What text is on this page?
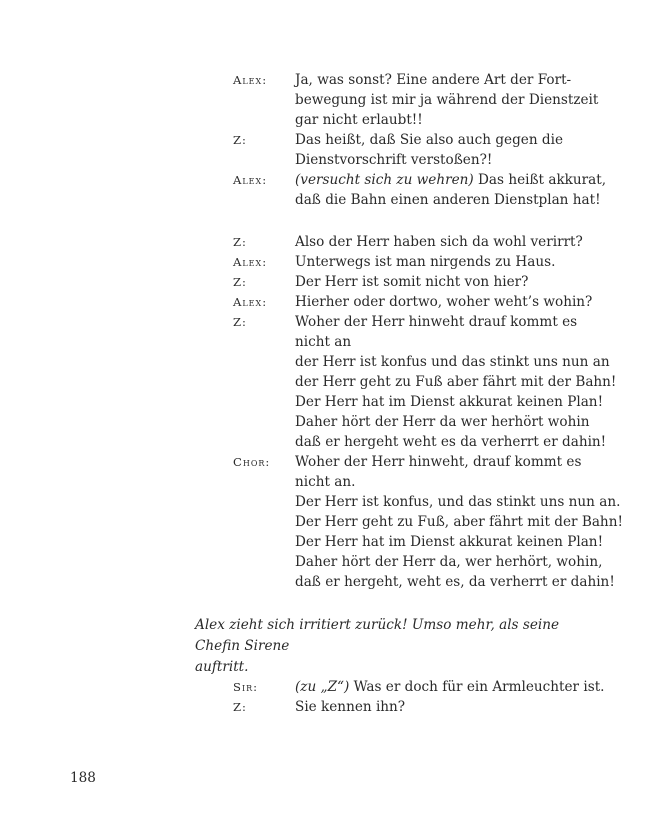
Alex: Ja, was sonst? Eine andere Art der Fort-
bewegung ist mir ja während der Dienstzeit
gar nicht erlaubt!!
Z:	Das heißt, daß Sie also auch gegen die
Dienstvorschrift verstoßen?!
Alex: (versucht sich zu wehren) Das heißt akkurat,
daß die Bahn einen anderen Dienstplan hat!
Z:	Also der Herr haben sich da wohl verirrt?
Alex: Unterwegs ist man nirgends zu Haus.
Z:	Der Herr ist somit nicht von hier?
Alex: Hierher oder dortwo, woher weht’s wohin?
Z:	Woher der Herr hinweht drauf kommt es
nicht an
der Herr ist konfus und das stinkt uns nun an
der Herr geht zu Fuß aber fährt mit der Bahn!
Der Herr hat im Dienst akkurat keinen Plan!
Daher hört der Herr da wer herhört wohin
daß er hergeht weht es da verherrt er dahin!
Chor: Woher der Herr hinweht, drauf kommt es
nicht an.
Der Herr ist konfus, und das stinkt uns nun an.
Der Herr geht zu Fuß, aber fährt mit der Bahn!
Der Herr hat im Dienst akkurat keinen Plan!
Daher hört der Herr da, wer herhört, wohin,
daß er hergeht, weht es, da verherrt er dahin!
Alex zieht sich irritiert zurück! Umso mehr, als seine Chefin Sirene
auftritt.
Sir:	(zu „Z“) Was er doch für ein Armleuchter ist.
Z:	Sie kennen ihn?
188
